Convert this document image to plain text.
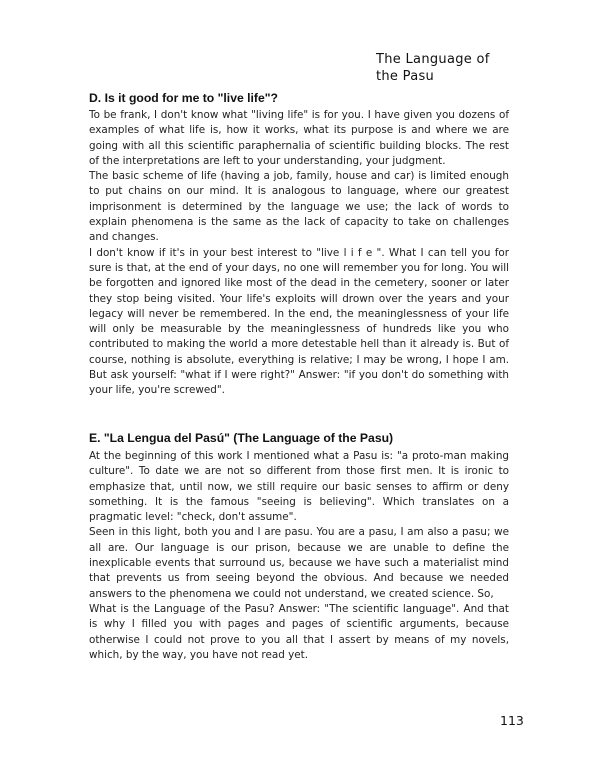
The Language of
the Pasu
D. Is it good for me to "live life"?

To be frank, I don't know what "living life" is for you. I have given you dozens of examples of what life is, how it works, what its purpose is and where we are going with all this scientific paraphernalia of scientific building blocks. The rest of the interpretations are left to your understanding, your judgment.

The basic scheme of life (having a job, family, house and car) is limited enough to put chains on our mind. It is analogous to language, where our greatest imprisonment is determined by the language we use; the lack of words to explain phenomena is the same as the lack of capacity to take on challenges and changes.

I don't know if it's in your best interest to "live l i f e ". What I can tell you for sure is that, at the end of your days, no one will remember you for long. You will be forgotten and ignored like most of the dead in the cemetery, sooner or later they stop being visited. Your life's exploits will drown over the years and your legacy will never be remembered. In the end, the meaninglessness of your life will only be measurable by the meaninglessness of hundreds like you who contributed to making the world a more detestable hell than it already is. But of course, nothing is absolute, everything is relative; I may be wrong, I hope I am. But ask yourself: "what if I were right?" Answer: "if you don't do something with your life, you're screwed".

E. "La Lengua del Pasú" (The Language of the Pasu)

At the beginning of this work I mentioned what a Pasu is: "a proto-man making culture". To date we are not so different from those first men. It is ironic to emphasize that, until now, we still require our basic senses to affirm or deny something. It is the famous "seeing is believing". Which translates on a pragmatic level: "check, don't assume".

Seen in this light, both you and I are pasu. You are a pasu, I am also a pasu; we all are. Our language is our prison, because we are unable to define the inexplicable events that surround us, because we have such a materialist mind that prevents us from seeing beyond the obvious. And because we needed answers to the phenomena we could not understand, we created science. So,

What is the Language of the Pasu? Answer: "The scientific language". And that is why I filled you with pages and pages of scientific arguments, because otherwise I could not prove to you all that I assert by means of my novels, which, by the way, you have not read yet.

113
